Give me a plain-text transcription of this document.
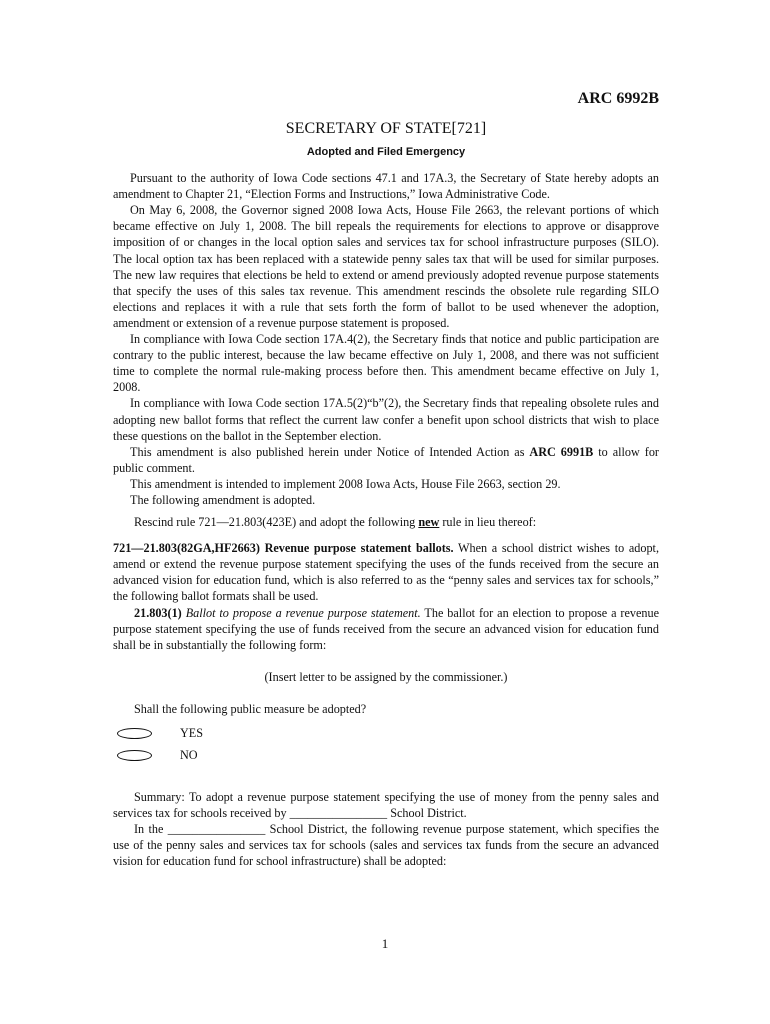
ARC 6992B
SECRETARY OF STATE[721]
Adopted and Filed Emergency

Pursuant to the authority of Iowa Code sections 47.1 and 17A.3, the Secretary of State hereby adopts an amendment to Chapter 21, “Election Forms and Instructions,” Iowa Administrative Code.

On May 6, 2008, the Governor signed 2008 Iowa Acts, House File 2663, the relevant portions of which became effective on July 1, 2008. The bill repeals the requirements for elections to approve or disapprove imposition of or changes in the local option sales and services tax for school infrastructure purposes (SILO). The local option tax has been replaced with a statewide penny sales tax that will be used for similar purposes. The new law requires that elections be held to extend or amend previously adopted revenue purpose statements that specify the uses of this sales tax revenue. This amendment rescinds the obsolete rule regarding SILO elections and replaces it with a rule that sets forth the form of ballot to be used whenever the adoption, amendment or extension of a revenue purpose statement is proposed.

In compliance with Iowa Code section 17A.4(2), the Secretary finds that notice and public participation are contrary to the public interest, because the law became effective on July 1, 2008, and there was not sufficient time to complete the normal rule-making process before then. This amendment became effective on July 1, 2008.

In compliance with Iowa Code section 17A.5(2)“b”(2), the Secretary finds that repealing obsolete rules and adopting new ballot forms that reflect the current law confer a benefit upon school districts that wish to place these questions on the ballot in the September election.

This amendment is also published herein under Notice of Intended Action as ARC 6991B to allow for public comment.

This amendment is intended to implement 2008 Iowa Acts, House File 2663, section 29.

The following amendment is adopted.

Rescind rule 721—21.803(423E) and adopt the following new rule in lieu thereof:

721—21.803(82GA,HF2663) Revenue purpose statement ballots. When a school district wishes to adopt, amend or extend the revenue purpose statement specifying the uses of the funds received from the secure an advanced vision for education fund, which is also referred to as the “penny sales and services tax for schools,” the following ballot formats shall be used.

21.803(1) Ballot to propose a revenue purpose statement. The ballot for an election to propose a revenue purpose statement specifying the use of funds received from the secure an advanced vision for education fund shall be in substantially the following form:

(Insert letter to be assigned by the commissioner.)

Shall the following public measure be adopted?

YES
NO

Summary: To adopt a revenue purpose statement specifying the use of money from the penny sales and services tax for schools received by ________________ School District.

In the ________________ School District, the following revenue purpose statement, which specifies the use of the penny sales and services tax for schools (sales and services tax funds from the secure an advanced vision for education fund for school infrastructure) shall be adopted:

1
